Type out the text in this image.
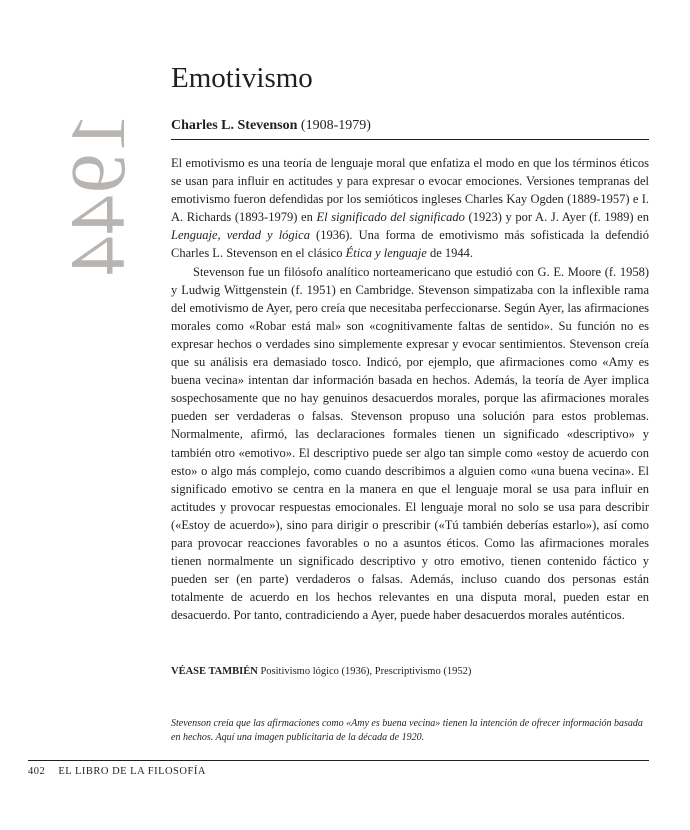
1944
Emotivismo
Charles L. Stevenson (1908-1979)

El emotivismo es una teoría de lenguaje moral que enfatiza el modo en que los términos éticos se usan para influir en actitudes y para expresar o evocar emociones. Versiones tempranas del emotivismo fueron defendidas por los semióticos ingleses Charles Kay Ogden (1889-1957) e I. A. Richards (1893-1979) en El significado del significado (1923) y por A. J. Ayer (f. 1989) en Lenguaje, verdad y lógica (1936). Una forma de emotivismo más sofisticada la defendió Charles L. Stevenson en el clásico Ética y lenguaje de 1944.

Stevenson fue un filósofo analítico norteamericano que estudió con G. E. Moore (f. 1958) y Ludwig Wittgenstein (f. 1951) en Cambridge. Stevenson simpatizaba con la inflexible rama del emotivismo de Ayer, pero creía que necesitaba perfeccionarse. Según Ayer, las afirmaciones morales como «Robar está mal» son «cognitivamente faltas de sentido». Su función no es expresar hechos o verdades sino simplemente expresar y evocar sentimientos. Stevenson creía que su análisis era demasiado tosco. Indicó, por ejemplo, que afirmaciones como «Amy es buena vecina» intentan dar información basada en hechos. Además, la teoría de Ayer implica sospechosamente que no hay genuinos desacuerdos morales, porque las afirmaciones morales pueden ser verdaderas o falsas. Stevenson propuso una solución para estos problemas. Normalmente, afirmó, las declaraciones formales tienen un significado «descriptivo» y también otro «emotivo». El descriptivo puede ser algo tan simple como «estoy de acuerdo con esto» o algo más complejo, como cuando describimos a alguien como «una buena vecina». El significado emotivo se centra en la manera en que el lenguaje moral se usa para influir en actitudes y provocar respuestas emocionales. El lenguaje moral no solo se usa para describir («Estoy de acuerdo»), sino para dirigir o prescribir («Tú también deberías estarlo»), así como para provocar reacciones favorables o no a asuntos éticos. Como las afirmaciones morales tienen normalmente un significado descriptivo y otro emotivo, tienen contenido fáctico y pueden ser (en parte) verdaderos o falsas. Además, incluso cuando dos personas están totalmente de acuerdo en los hechos relevantes en una disputa moral, pueden estar en desacuerdo. Por tanto, contradiciendo a Ayer, puede haber desacuerdos morales auténticos.

VÉASE TAMBIÉN Positivismo lógico (1936), Prescriptivismo (1952)
Stevenson creía que las afirmaciones como «Amy es buena vecina» tienen la intención de ofrecer información basada en hechos. Aquí una imagen publicitaria de la década de 1920.
402 EL LIBRO DE LA FILOSOFÍA
